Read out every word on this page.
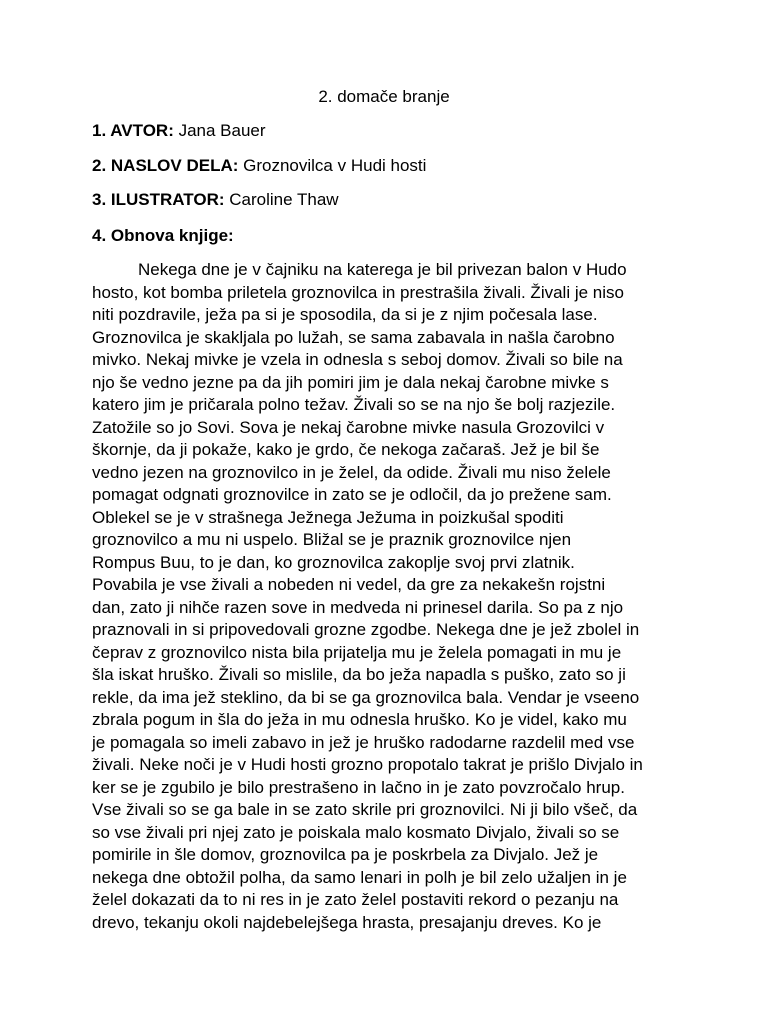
2. domače branje
1. AVTOR: Jana Bauer
2. NASLOV DELA: Groznovilca v Hudi hosti
3. ILUSTRATOR: Caroline Thaw
4. Obnova knjige:
Nekega dne je v čajniku na katerega je bil privezan balon v Hudo
hosto, kot bomba priletela groznovilca in prestrašila živali. Živali je niso
niti pozdravile, ježa pa si je sposodila, da si je z njim počesala lase.
Groznovilca je skakljala po lužah, se sama zabavala in našla čarobno
mivko. Nekaj mivke je vzela in odnesla s seboj domov. Živali so bile na
njo še vedno jezne pa da jih pomiri jim je dala nekaj čarobne mivke s
katero jim je pričarala polno težav. Živali so se na njo še bolj razjezile.
Zatožile so jo Sovi. Sova je nekaj čarobne mivke nasula Grozovilci v
škornje, da ji pokaže, kako je grdo, če nekoga začaraš. Jež je bil še
vedno jezen na groznovilco in je želel, da odide. Živali mu niso želele
pomagat odgnati groznovilce in zato se je odločil, da jo preženе sam.
Oblekel se je v strašnega Ježnega Ježuma in poizkušal spoditi
groznovilco a mu ni uspelo. Bližal se je praznik groznovilce njen
Rompus Buu, to je dan, ko groznovilca zakoplje svoj prvi zlatnik.
Povabila je vse živali a nobeden ni vedel, da gre za nekakešn rojstni
dan, zato ji nihče razen sove in medveda ni prinesel darila. So pa z njo
praznovali in si pripovedovali grozne zgodbe. Nekega dne je jež zbolel in
čeprav z groznovilco nista bila prijatelja mu je želela pomagati in mu je
šla iskat hruško. Živali so mislile, da bo ježa napadla s puško, zato so ji
rekle, da ima jež steklino, da bi se ga groznovilca bala. Vendar je vseeno
zbrala pogum in šla do ježa in mu odnesla hruško. Ko je videl, kako mu
je pomagala so imeli zabavo in jež je hruško radodarne razdelil med vse
živali. Neke noči je v Hudi hosti grozno propotalo takrat je prišlo Divjalo in
ker se je zgubilo je bilo prestrašeno in lačno in je zato povzročalo hrup.
Vse živali so se ga bale in se zato skrile pri groznovilci. Ni ji bilo všeč, da
so vse živali pri njej zato je poiskala malo kosmato Divjalo, živali so se
pomirile in šle domov, groznovilca pa je poskrbela za Divjalo. Jež je
nekega dne obtožil polha, da samo lenari in polh je bil zelo užaljen in je
želel dokazati da to ni res in je zato želel postaviti rekord o pezanju na
drevo, tekanju okoli najdebelejšega hrasta, presajanju dreves. Ko je
